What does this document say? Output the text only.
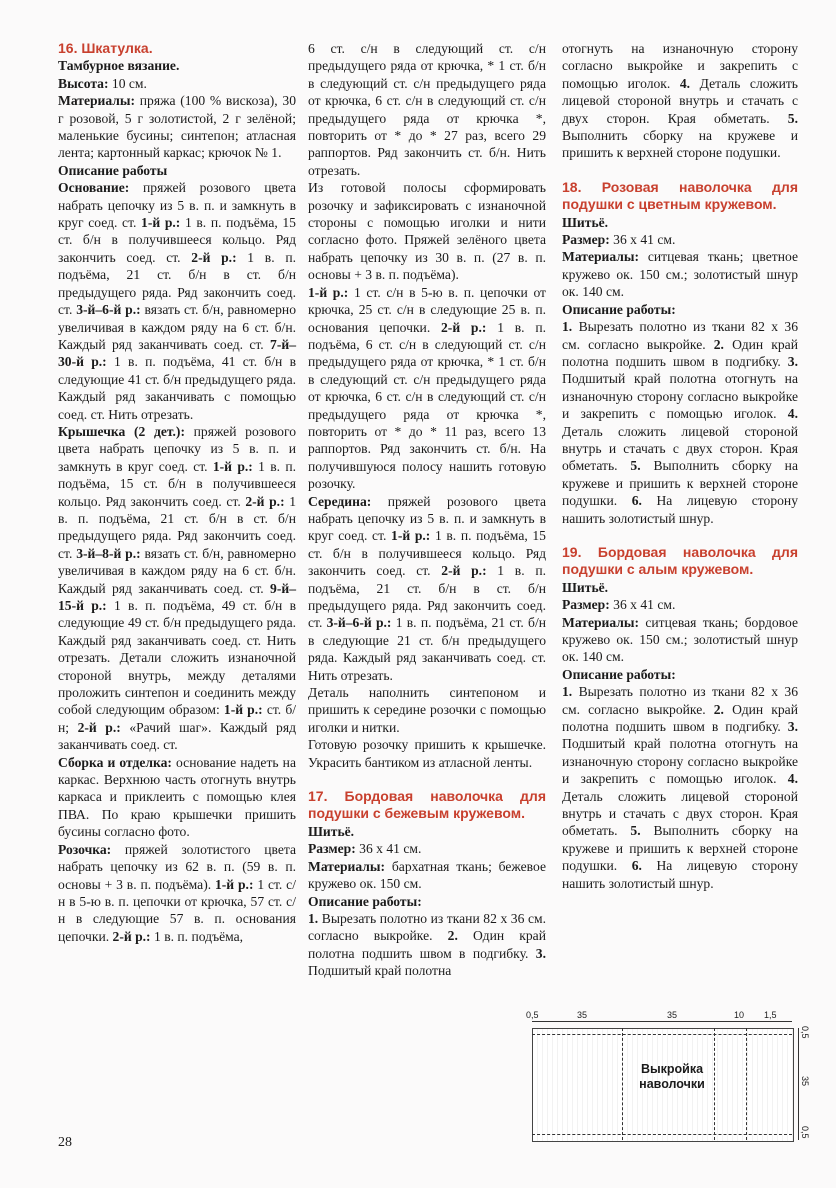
16. Шкатулка.

Тамбурное вязание.

Высота: 10 см.

Материалы: пряжа (100 % вискоза), 30 г розовой, 5 г золотистой, 2 г зелёной; маленькие бусины; синтепон; атласная лента; картонный каркас; крючок № 1.

Описание работы

Основание: пряжей розового цвета набрать цепочку из 5 в. п. и замкнуть в круг соед. ст. 1-й р.: 1 в. п. подъёма, 15 ст. б/н в получившееся кольцо. Ряд закончить соед. ст. 2-й р.: 1 в. п. подъёма, 21 ст. б/н в ст. б/н предыдущего ряда. Ряд закончить соед. ст. 3-й–6-й р.: вязать ст. б/н, равномерно увеличивая в каждом ряду на 6 ст. б/н. Каждый ряд заканчивать соед. ст. 7-й–30-й р.: 1 в. п. подъёма, 41 ст. б/н в следующие 41 ст. б/н предыдущего ряда. Каждый ряд заканчивать с помощью соед. ст. Нить отрезать.

Крышечка (2 дет.): пряжей розового цвета набрать цепочку из 5 в. п. и замкнуть в круг соед. ст. 1-й р.: 1 в. п. подъёма, 15 ст. б/н в получившееся кольцо. Ряд закончить соед. ст. 2-й р.: 1 в. п. подъёма, 21 ст. б/н в ст. б/н предыдущего ряда. Ряд закончить соед. ст. 3-й–8-й р.: вязать ст. б/н, равномерно увеличивая в каждом ряду на 6 ст. б/н. Каждый ряд заканчивать соед. ст. 9-й–15-й р.: 1 в. п. подъёма, 49 ст. б/н в следующие 49 ст. б/н предыдущего ряда. Каждый ряд заканчивать соед. ст. Нить отрезать. Детали сложить изнаночной стороной внутрь, между деталями проложить синтепон и соединить между собой следующим образом: 1-й р.: ст. б/н; 2-й р.: «Рачий шаг». Каждый ряд заканчивать соед. ст.

Сборка и отделка: основание надеть на каркас. Верхнюю часть отогнуть внутрь каркаса и приклеить с помощью клея ПВА. По краю крышечки пришить бусины согласно фото.

Розочка: пряжей золотистого цвета набрать цепочку из 62 в. п. (59 в. п. основы + 3 в. п. подъёма). 1-й р.: 1 ст. с/н в 5-ю в. п. цепочки от крючка, 57 ст. с/н в следующие 57 в. п. основания цепочки. 2-й р.: 1 в. п. подъёма,

6 ст. с/н в следующий ст. с/н предыдущего ряда от крючка, * 1 ст. б/н в следующий ст. с/н предыдущего ряда от крючка, 6 ст. с/н в следующий ст. с/н предыдущего ряда от крючка *, повторить от * до * 27 раз, всего 29 раппортов. Ряд закончить ст. б/н. Нить отрезать.

Из готовой полосы сформировать розочку и зафиксировать с изнаночной стороны с помощью иголки и нити согласно фото. Пряжей зелёного цвета набрать цепочку из 30 в. п. (27 в. п. основы + 3 в. п. подъёма).

1-й р.: 1 ст. с/н в 5-ю в. п. цепочки от крючка, 25 ст. с/н в следующие 25 в. п. основания цепочки. 2-й р.: 1 в. п. подъёма, 6 ст. с/н в следующий ст. с/н предыдущего ряда от крючка, * 1 ст. б/н в следующий ст. с/н предыдущего ряда от крючка, 6 ст. с/н в следующий ст. с/н предыдущего ряда от крючка *, повторить от * до * 11 раз, всего 13 раппортов. Ряд закончить ст. б/н. На получившуюся полосу нашить готовую розочку.

Середина: пряжей розового цвета набрать цепочку из 5 в. п. и замкнуть в круг соед. ст. 1-й р.: 1 в. п. подъёма, 15 ст. б/н в получившееся кольцо. Ряд закончить соед. ст. 2-й р.: 1 в. п. подъёма, 21 ст. б/н в ст. б/н предыдущего ряда. Ряд закончить соед. ст. 3-й–6-й р.: 1 в. п. подъёма, 21 ст. б/н в следующие 21 ст. б/н предыдущего ряда. Каждый ряд заканчивать соед. ст. Нить отрезать.

Деталь наполнить синтепоном и пришить к середине розочки с помощью иголки и нитки.

Готовую розочку пришить к крышечке. Украсить бантиком из атласной ленты.

17. Бордовая наволочка для подушки с бежевым кружевом.

Шитьё.

Размер: 36 x 41 см.

Материалы: бархатная ткань; бежевое кружево ок. 150 см.

Описание работы:

1. Вырезать полотно из ткани 82 x 36 см. согласно выкройке. 2. Один край полотна подшить швом в подгибку. 3. Подшитый край полотна

отогнуть на изнаночную сторону согласно выкройке и закрепить с помощью иголок. 4. Деталь сложить лицевой стороной внутрь и стачать с двух сторон. Края обметать. 5. Выполнить сборку на кружеве и пришить к верхней стороне подушки.

18. Розовая наволочка для подушки с цветным кружевом.

Шитьё.

Размер: 36 x 41 см.

Материалы: ситцевая ткань; цветное кружево ок. 150 см.; золотистый шнур ок. 140 см.

Описание работы:

1. Вырезать полотно из ткани 82 x 36 см. согласно выкройке. 2. Один край полотна подшить швом в подгибку. 3. Подшитый край полотна отогнуть на изнаночную сторону согласно выкройке и закрепить с помощью иголок. 4. Деталь сложить лицевой стороной внутрь и стачать с двух сторон. Края обметать. 5. Выполнить сборку на кружеве и пришить к верхней стороне подушки. 6. На лицевую сторону нашить золотистый шнур.

19. Бордовая наволочка для подушки с алым кружевом.

Шитьё.

Размер: 36 x 41 см.

Материалы: ситцевая ткань; бордовое кружево ок. 150 см.; золотистый шнур ок. 140 см.

Описание работы:

1. Вырезать полотно из ткани 82 x 36 см. согласно выкройке. 2. Один край полотна подшить швом в подгибку. 3. Подшитый край полотна отогнуть на изнаночную сторону согласно выкройке и закрепить с помощью иголок. 4. Деталь сложить лицевой стороной внутрь и стачать с двух сторон. Края обметать. 5. Выполнить сборку на кружеве и пришить к верхней стороне подушки. 6. На лицевую сторону нашить золотистый шнур.

0,5	35	35	10 1,5
0,5
35
0,5
Выкройка наволочки
28
